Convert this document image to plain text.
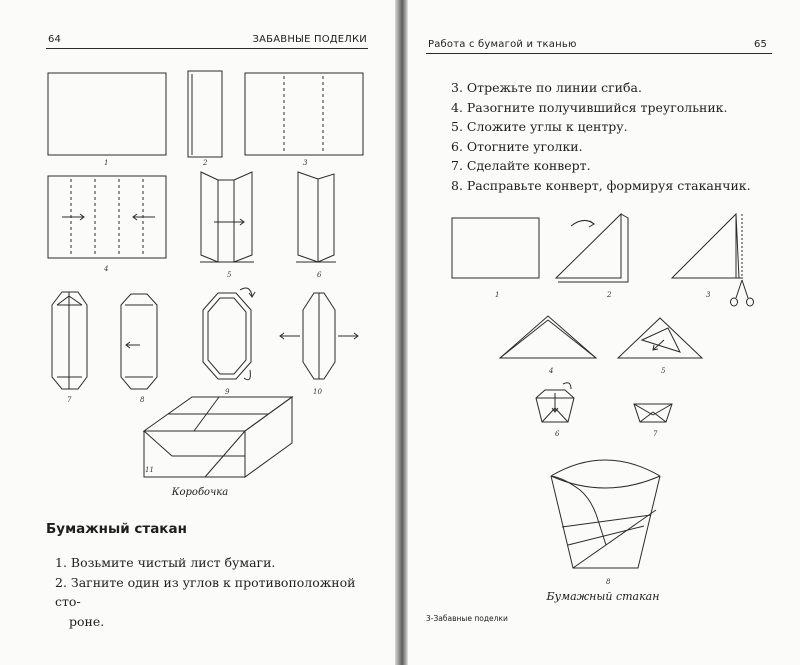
64	ЗАБАВНЫЕ ПОДЕЛКИ
1	2	3
4
5	6
7	8
9	10
11
Коробочка
Бумажный стакан
1. Возьмите чистый лист бумаги.
2. Загните один из углов к противоположной сто-
роне.
Работа с бумагой и тканью	65
3. Отрежьте по линии сгиба.
4. Разогните получившийся треугольник.
5. Сложите углы к центру.
6. Отогните уголки.
7. Сделайте конверт.
8. Расправьте конверт, формируя стаканчик.
1	2	3
4	5
6	7
8
Бумажный стакан
3-Забавные поделки
